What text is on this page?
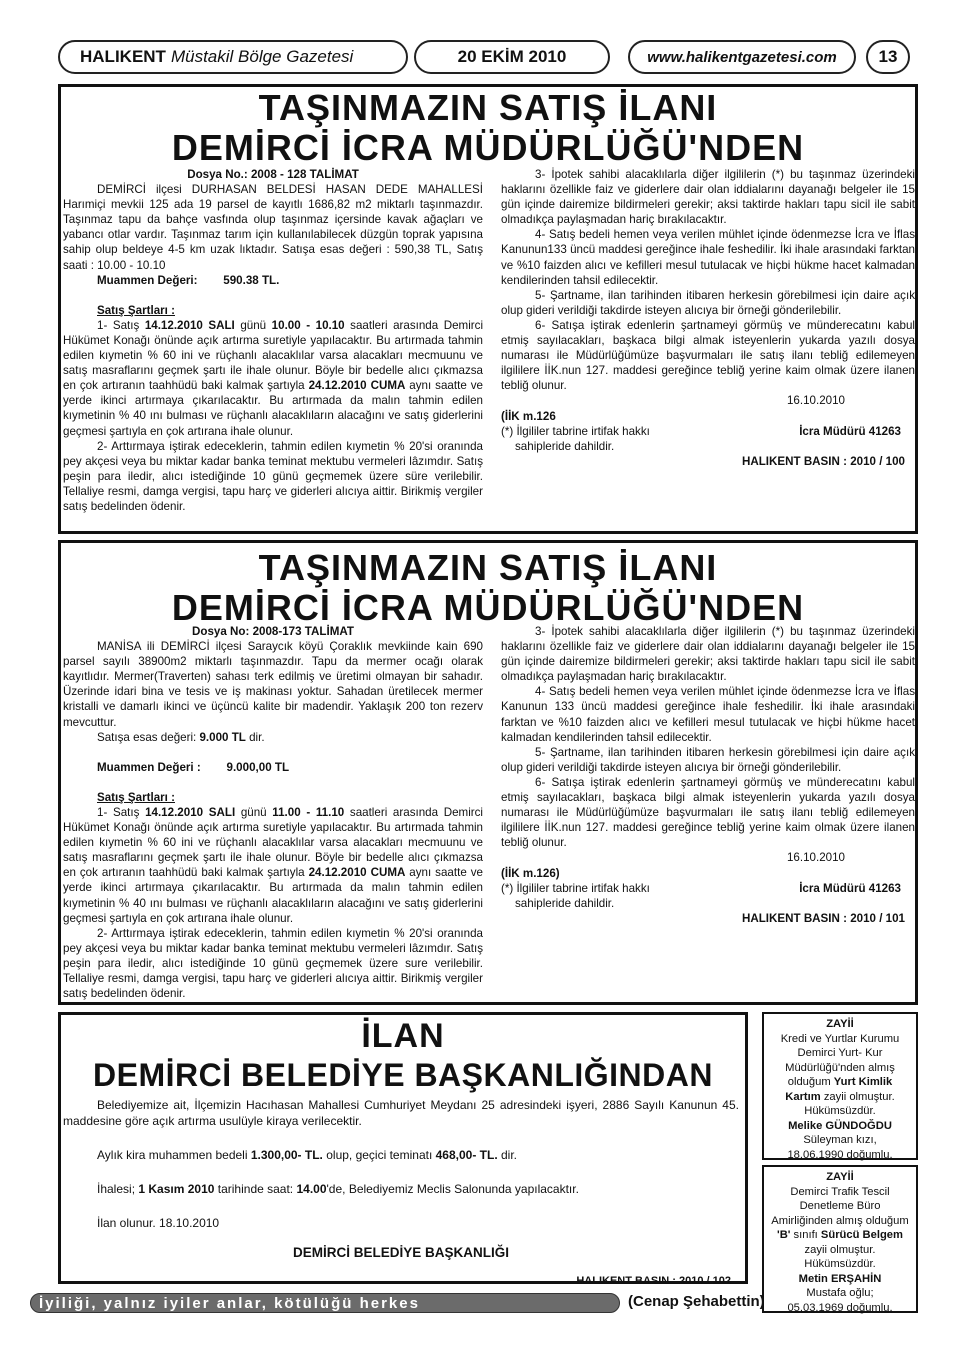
HALIKENT Müstakil Bölge Gazetesi	20 EKİM 2010	www.halikentgazetesi.com	13
TAŞINMAZIN SATIŞ İLANI
DEMİRCİ İCRA MÜDÜRLÜĞÜ'NDEN

Dosya No.: 2008 - 128 TALİMAT

DEMİRCİ ilçesi DURHASAN BELDESİ HASAN DEDE MAHALLESİ Harımiçi mevkii 125 ada 19 parsel de kayıtlı 1686,82 m2 miktarlı taşınmazdır. Taşınmaz tapu da bahçe vasfında olup taşınmaz içersinde kavak ağaçları ve yabancı otlar vardır. Taşınmaz tarım için kullanılabilecek düzgün toprak yapısına sahip olup beldeye 4-5 km uzak lıktadır. Satışa esas değeri : 590,38 TL, Satış saati : 10.00 - 10.10

Muammen Değeri: 590.38 TL.

Satış Şartları :

1- Satış 14.12.2010 SALI günü 10.00 - 10.10 saatleri arasında Demirci Hükümet Konağı önünde açık artırma suretiyle yapılacaktır. Bu artırmada tahmin edilen kıymetin % 60 ini ve rüçhanlı alacaklılar varsa alacakları mecmuunu ve satış masraflarını geçmek şartı ile ihale olunur. Böyle bir bedelle alıcı çıkmazsa en çok artıranın taahhüdü baki kalmak şartıyla 24.12.2010 CUMA aynı saatte ve yerde ikinci artırmaya çıkarılacaktır. Bu artırmada da malın tahmin edilen kıymetinin % 40 ını bulması ve rüçhanlı alacaklıların alacağını ve satış giderlerini geçmesi şartıyla en çok artırana ihale olunur.

2- Arttırmaya iştirak edeceklerin, tahmin edilen kıymetin % 20'si oranında pey akçesi veya bu miktar kadar banka teminat mektubu vermeleri lâzımdır. Satış peşin para iledir, alıcı istediğinde 10 günü geçmemek üzere süre verilebilir. Tellaliye resmi, damga vergisi, tapu harç ve giderleri alıcıya aittir. Birikmiş vergiler satış bedelinden ödenir.

3- İpotek sahibi alacaklılarla diğer ilgililerin (*) bu taşınmaz üzerindeki haklarını özellikle faiz ve giderlere dair olan iddialarını dayanağı belgeler ile 15 gün içinde dairemize bildirmeleri gerekir; aksi taktirde hakları tapu sicil ile sabit olmadıkça paylaşmadan hariç bırakılacaktır.

4- Satış bedeli hemen veya verilen mühlet içinde ödenmezse İcra ve İflas Kanunun133 üncü maddesi gereğince ihale feshedilir. İki ihale arasındaki farktan ve %10 faizden alıcı ve kefilleri mesul tutulacak ve hiçbi hükme hacet kalmadan kendilerinden tahsil edilecektir.

5- Şartname, ilan tarihinden itibaren herkesin görebilmesi için daire açık olup gideri verildiği takdirde isteyen alıcıya bir örneği gönderilebilir.

6- Satışa iştirak edenlerin şartnameyi görmüş ve münderecatını kabul etmiş sayılacakları, başkaca bilgi almak isteyenlerin yukarda yazılı dosya numarası ile Müdürlüğümüze başvurmaları ile satış ilanı tebliğ edilemeyen ilgililere İİK.nun 127. maddesi gereğince tebliğ yerine kaim olmak üzere ilanen tebliğ olunur.

16.10.2010

(İİK m.126

(*) İlgililer tabrine irtifak hakkı	İcra Müdürü 41263

sahipleride dahildir.

HALIKENT BASIN : 2010 / 100

TAŞINMAZIN SATIŞ İLANI
DEMİRCİ İCRA MÜDÜRLÜĞÜ'NDEN

Dosya No: 2008-173 TALİMAT

MANİSA ili DEMİRCİ ilçesi Saraycık köyü Çoraklık mevkiinde kain 690 parsel sayılı 38900m2 miktarlı taşınmazdır. Tapu da mermer ocağı olarak kayıtlıdır. Mermer(Traverten) sahası terk edilmiş ve üretimi olmayan bir sahadır. Üzerinde idari bina ve tesis ve iş makinası yoktur. Sahadan üretilecek mermer kristalli ve damarlı ikinci ve üçüncü kalite bir madendir. Yaklaşık 200 ton rezerv mevcuttur.

Satışa esas değeri: 9.000 TL dir.

Muammen Değeri : 9.000,00 TL

Satış Şartları :

1- Satış 14.12.2010 SALI günü 11.00 - 11.10 saatleri arasında Demirci Hükümet Konağı önünde açık artırma suretiyle yapılacaktır. Bu artırmada tahmin edilen kıymetin % 60 ini ve rüçhanlı alacaklılar varsa alacakları mecmuunu ve satış masraflarını geçmek şartı ile ihale olunur. Böyle bir bedelle alıcı çıkmazsa en çok artıranın taahhüdü baki kalmak şartıyla 24.12.2010 CUMA aynı saatte ve yerde ikinci artırmaya çıkarılacaktır. Bu artırmada da malın tahmin edilen kıymetinin % 40 ını bulması ve rüçhanlı alacaklıların alacağını ve satış giderlerini geçmesi şartıyla en çok artırana ihale olunur.

2- Arttırmaya iştirak edeceklerin, tahmin edilen kıymetin % 20'si oranında pey akçesi veya bu miktar kadar banka teminat mektubu vermeleri lâzımdır. Satış peşin para iledir, alıcı istediğinde 10 günü geçmemek üzere sure verilebilir. Tellaliye resmi, damga vergisi, tapu harç ve giderleri alıcıya aittir. Birikmiş vergiler satış bedelinden ödenir.

3- İpotek sahibi alacaklılarla diğer ilgililerin (*) bu taşınmaz üzerindeki haklarını özellikle faiz ve giderlere dair olan iddialarını dayanağı belgeler ile 15 gün içinde dairemize bildirmeleri gerekir; aksi taktirde hakları tapu sicil ile sabit olmadıkça paylaşmadan hariç bırakılacaktır.

4- Satış bedeli hemen veya verilen mühlet içinde ödenmezse İcra ve İflas Kanunun 133 üncü maddesi gereğince ihale feshedilir. İki ihale arasındaki farktan ve %10 faizden alıcı ve kefilleri mesul tutulacak ve hiçbi hükme hacet kalmadan kendilerinden tahsil edilecektir.

5- Şartname, ilan tarihinden itibaren herkesin görebilmesi için daire açık olup gideri verildiği takdirde isteyen alıcıya bir örneği gönderilebilir.

6- Satışa iştirak edenlerin şartnameyi görmüş ve münderecatını kabul etmiş sayılacakları, başkaca bilgi almak isteyenlerin yukarda yazılı dosya numarası ile Müdürlüğümüze başvurmaları ile satış ilanı tebliğ edilemeyen ilgililere İİK.nun 127. maddesi gereğince tebliğ yerine kaim olmak üzere ilanen tebliğ olunur.

16.10.2010

(İİK m.126)

(*) İlgililer tabrine irtifak hakkı	İcra Müdürü 41263

sahipleride dahildir.

HALIKENT BASIN : 2010 / 101

İLAN
DEMİRCİ BELEDİYE BAŞKANLIĞINDAN

Belediyemize ait, İlçemizin Hacıhasan Mahallesi Cumhuriyet Meydanı 25 adresindeki işyeri, 2886 Sayılı Kanunun 45. maddesine göre açık artırma usulüyle kiraya verilecektir.

Aylık kira muhammen bedeli 1.300,00- TL. olup, geçici teminatı 468,00- TL. dir.

İhalesi; 1 Kasım 2010 tarihinde saat: 14.00'de, Belediyemiz Meclis Salonunda yapılacaktır.

İlan olunur. 18.10.2010

DEMİRCİ BELEDİYE BAŞKANLIĞI

HALIKENT BASIN : 2010 / 102

ZAYİİ
Kredi ve Yurtlar Kurumu
Demirci Yurt- Kur
Müdürlüğü'nden almış
olduğum Yurt Kimlik
Kartım zayii olmuştur.
Hükümsüzdür.
Melike GÜNDOĞDU
Süleyman kızı,
18.06.1990 doğumlu.
ZAYİİ
Demirci Trafik Tescil
Denetleme Büro
Amirliğinden almış olduğum
'B' sınıfı Sürücü Belgem
zayii olmuştur.
Hükümsüzdür.
Metin ERŞAHİN
Mustafa oğlu;
05.03.1969 doğumlu.
İyiliği, yalnız iyiler anlar, kötülüğü herkes	(Cenap Şehabettin)
